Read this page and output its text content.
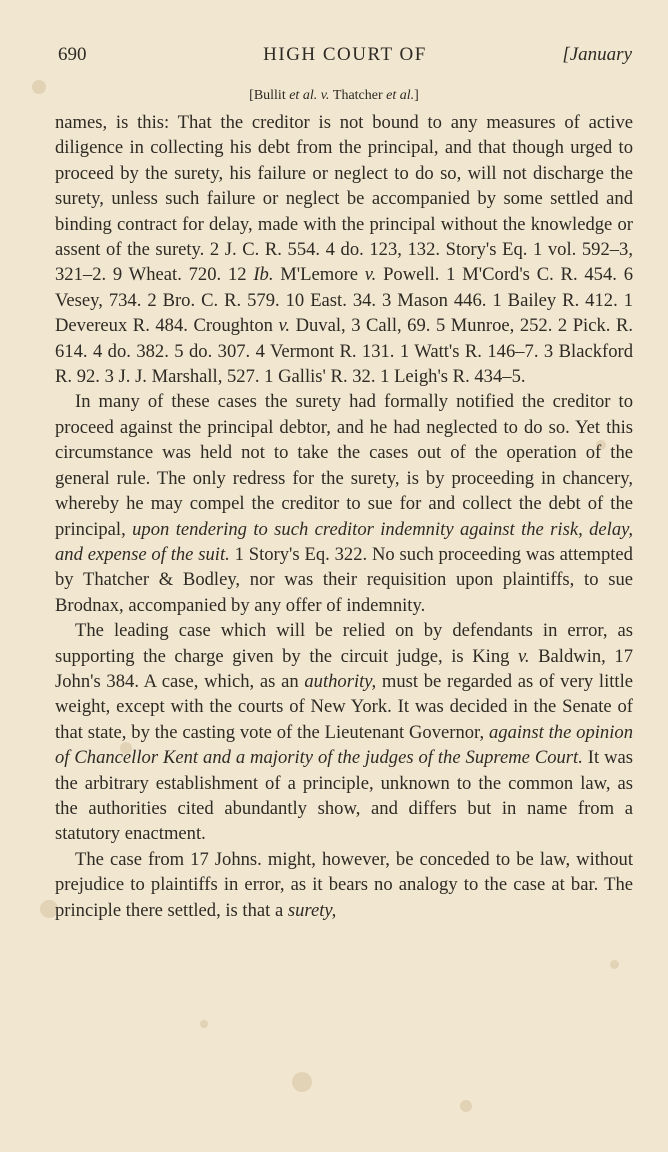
690	HIGH COURT OF	[January
[Bullit et al. v. Thatcher et al.]

names, is this: That the creditor is not bound to any measures of active diligence in collecting his debt from the principal, and that though urged to proceed by the surety, his failure or neglect to do so, will not discharge the surety, unless such failure or neglect be accompanied by some settled and binding contract for delay, made with the principal without the knowledge or assent of the surety. 2 J. C. R. 554. 4 do. 123, 132. Story's Eq. 1 vol. 592–3, 321–2. 9 Wheat. 720. 12 Ib. M'Lemore v. Powell. 1 M'Cord's C. R. 454. 6 Vesey, 734. 2 Bro. C. R. 579. 10 East. 34. 3 Mason 446. 1 Bailey R. 412. 1 Devereux R. 484. Croughton v. Duval, 3 Call, 69. 5 Munroe, 252. 2 Pick. R. 614. 4 do. 382. 5 do. 307. 4 Vermont R. 131. 1 Watt's R. 146–7. 3 Blackford R. 92. 3 J. J. Marshall, 527. 1 Gallis' R. 32. 1 Leigh's R. 434–5.

In many of these cases the surety had formally notified the creditor to proceed against the principal debtor, and he had neglected to do so. Yet this circumstance was held not to take the cases out of the operation of the general rule. The only redress for the surety, is by proceeding in chancery, whereby he may compel the creditor to sue for and collect the debt of the principal, upon tendering to such creditor indemnity against the risk, delay, and expense of the suit. 1 Story's Eq. 322. No such proceeding was attempted by Thatcher & Bodley, nor was their requisition upon plaintiffs, to sue Brodnax, accompanied by any offer of indemnity.

The leading case which will be relied on by defendants in error, as supporting the charge given by the circuit judge, is King v. Baldwin, 17 John's 384. A case, which, as an authority, must be regarded as of very little weight, except with the courts of New York. It was decided in the Senate of that state, by the casting vote of the Lieutenant Governor, against the opinion of Chancellor Kent and a majority of the judges of the Supreme Court. It was the arbitrary establishment of a principle, unknown to the common law, as the authorities cited abundantly show, and differs but in name from a statutory enactment.

The case from 17 Johns. might, however, be conceded to be law, without prejudice to plaintiffs in error, as it bears no analogy to the case at bar. The principle there settled, is that a surety,
